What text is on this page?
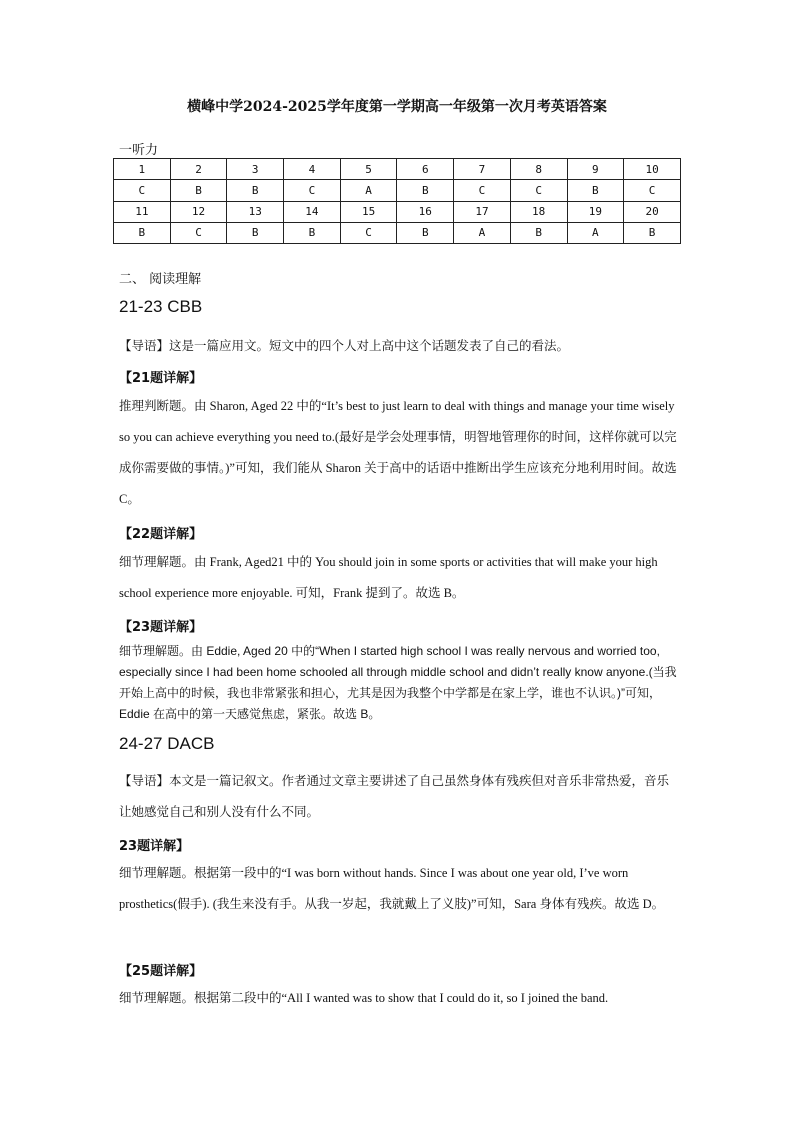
横峰中学2024-2025学年度第一学期高一年级第一次月考英语答案
一听力
1	2	3	4	5	6	7	8	9	10
C	B	B	C	A	B	C	C	B	C
11	12	13	14	15	16	17	18	19	20
B	C	B	B	C	B	A	B	A	B
二、 阅读理解
21-23 CBB
【导语】这是一篇应用文。短文中的四个人对上高中这个话题发表了自己的看法。
【21题详解】
推理判断题。由 Sharon, Aged 22 中的“It’s best to just learn to deal with things and manage your time wisely so you can achieve everything you need to.(最好是学会处理事情，明智地管理你的时间，这样你就可以完成你需要做的事情。)”可知，我们能从 Sharon 关于高中的话语中推断出学生应该充分地利用时间。故选 C。
【22题详解】
细节理解题。由 Frank, Aged21 中的 You should join in some sports or activities that will make your high school experience more enjoyable. 可知，Frank 提到了。故选 B。
【23题详解】
细节理解题。由 Eddie, Aged 20 中的“When I started high school I was really nervous and worried too, especially since I had been home schooled all through middle school and didn’t really know anyone.(当我开始上高中的时候，我也非常紧张和担心，尤其是因为我整个中学都是在家上学，谁也不认识。)”可知，Eddie 在高中的第一天感觉焦虑，紧张。故选 B。
24-27 DACB
【导语】本文是一篇记叙文。作者通过文章主要讲述了自己虽然身体有残疾但对音乐非常热爱，音乐让她感觉自己和别人没有什么不同。
23题详解】
细节理解题。根据第一段中的“I was born without hands. Since I was about one year old, I’ve worn prosthetics(假手). (我生来没有手。从我一岁起，我就戴上了义肢)”可知，Sara 身体有残疾。故选 D。
【25题详解】
细节理解题。根据第二段中的“All I wanted was to show that I could do it, so I joined the band.
